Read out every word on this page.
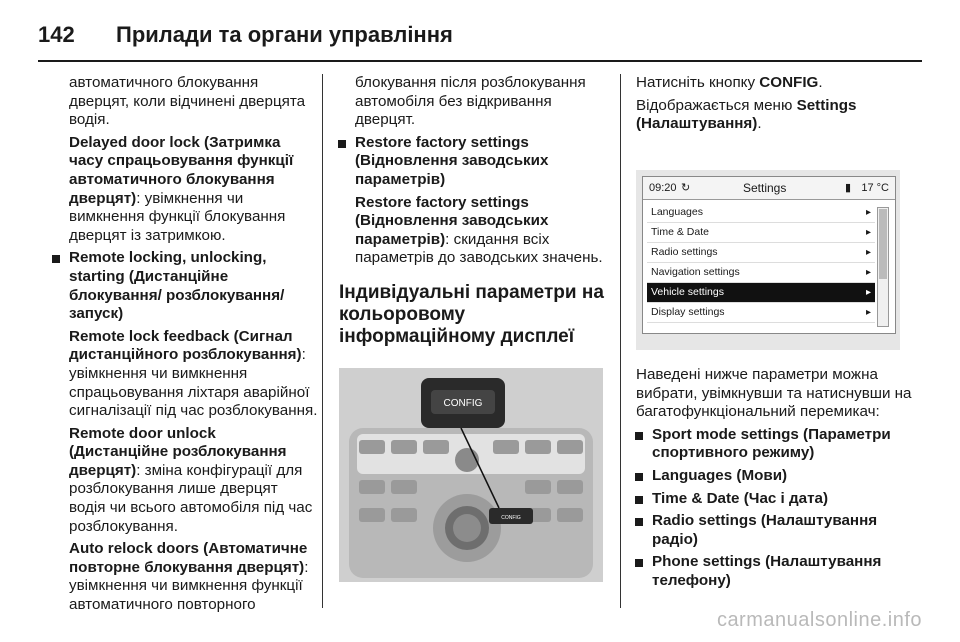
142 Прилади та органи управління

автоматичного блокування дверцят, коли відчинені дверцята водія.

Delayed door lock (Затримка часу спрацьовування функції автоматичного блокування дверцят): увімкнення чи вимкнення функції блокування дверцят із затримкою.

Remote locking, unlocking, starting (Дистанційне блокування/ розблокування/запуск)

Remote lock feedback (Сигнал дистанційного розблокування): увімкнення чи вимкнення спрацьовування ліхтаря аварійної сигналізації під час розблокування.

Remote door unlock (Дистанційне розблокування дверцят): зміна конфігурації для розблокування лише дверцят водія чи всього автомобіля під час розблокування.

Auto relock doors (Автоматичне повторне блокування дверцят): увімкнення чи вимкнення функції автоматичного повторного

блокування після розблокування автомобіля без відкривання дверцят.

Restore factory settings (Відновлення заводських параметрів)

Restore factory settings (Відновлення заводських параметрів): скидання всіх параметрів до заводських значень.

Індивідуальні параметри на кольоровому інформаційному дисплеї
CONFIG
CONFIG

Натисніть кнопку CONFIG.

Відображається меню Settings (Налаштування).

09:20 ↻	Settings	▮ 17 °C
Languages	▸
Time & Date	▸
Radio settings	▸
Navigation settings	▸
Vehicle settings	▸
Display settings	▸

Наведені нижче параметри можна вибрати, увімкнувши та натиснувши на багатофункціональний перемикач:

Sport mode settings (Параметри спортивного режиму)

Languages (Мови)

Time & Date (Час і дата)

Radio settings (Налаштування радіо)

Phone settings (Налаштування телефону)

carmanualsonline.info
